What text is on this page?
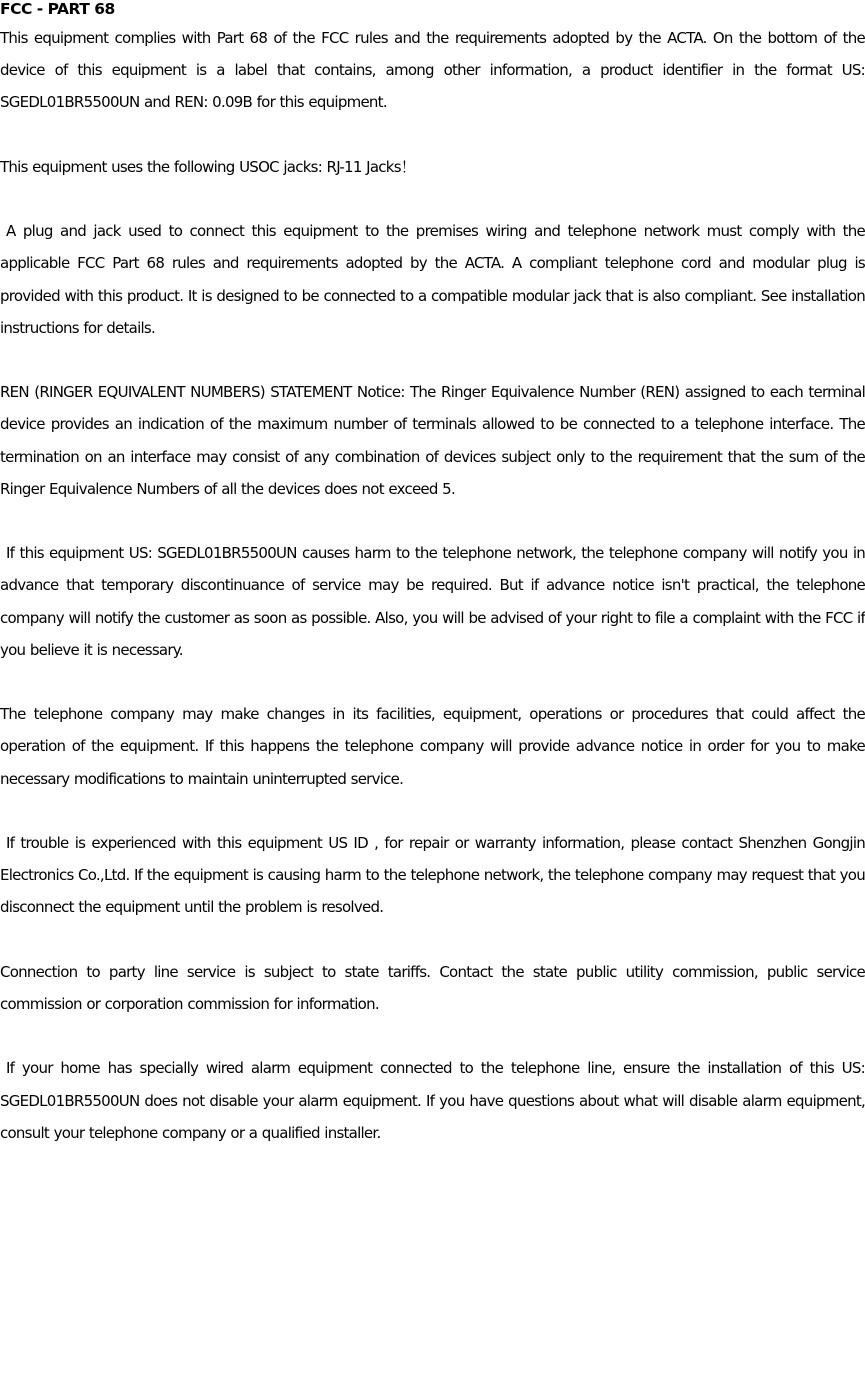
FCC - PART 68
This equipment complies with Part 68 of the FCC rules and the requirements adopted by the ACTA. On the bottom of the device of this equipment is a label that contains, among other information, a product identifier in the format US: SGEDL01BR5500UN and REN: 0.09B for this equipment.
This equipment uses the following USOC jacks: RJ-11 Jacks！
A plug and jack used to connect this equipment to the premises wiring and telephone network must comply with the applicable FCC Part 68 rules and requirements adopted by the ACTA. A compliant telephone cord and modular plug is provided with this product. It is designed to be connected to a compatible modular jack that is also compliant. See installation instructions for details.
REN (RINGER EQUIVALENT NUMBERS) STATEMENT Notice: The Ringer Equivalence Number (REN) assigned to each terminal device provides an indication of the maximum number of terminals allowed to be connected to a telephone interface. The termination on an interface may consist of any combination of devices subject only to the requirement that the sum of the Ringer Equivalence Numbers of all the devices does not exceed 5.
If this equipment US: SGEDL01BR5500UN causes harm to the telephone network, the telephone company will notify you in advance that temporary discontinuance of service may be required. But if advance notice isn't practical, the telephone company will notify the customer as soon as possible. Also, you will be advised of your right to file a complaint with the FCC if you believe it is necessary.
The telephone company may make changes in its facilities, equipment, operations or procedures that could affect the operation of the equipment. If this happens the telephone company will provide advance notice in order for you to make necessary modifications to maintain uninterrupted service.
If trouble is experienced with this equipment US ID , for repair or warranty information, please contact Shenzhen Gongjin Electronics Co.,Ltd. If the equipment is causing harm to the telephone network, the telephone company may request that you disconnect the equipment until the problem is resolved.
Connection to party line service is subject to state tariffs. Contact the state public utility commission, public service commission or corporation commission for information.
If your home has specially wired alarm equipment connected to the telephone line, ensure the installation of this US: SGEDL01BR5500UN does not disable your alarm equipment. If you have questions about what will disable alarm equipment, consult your telephone company or a qualified installer.
